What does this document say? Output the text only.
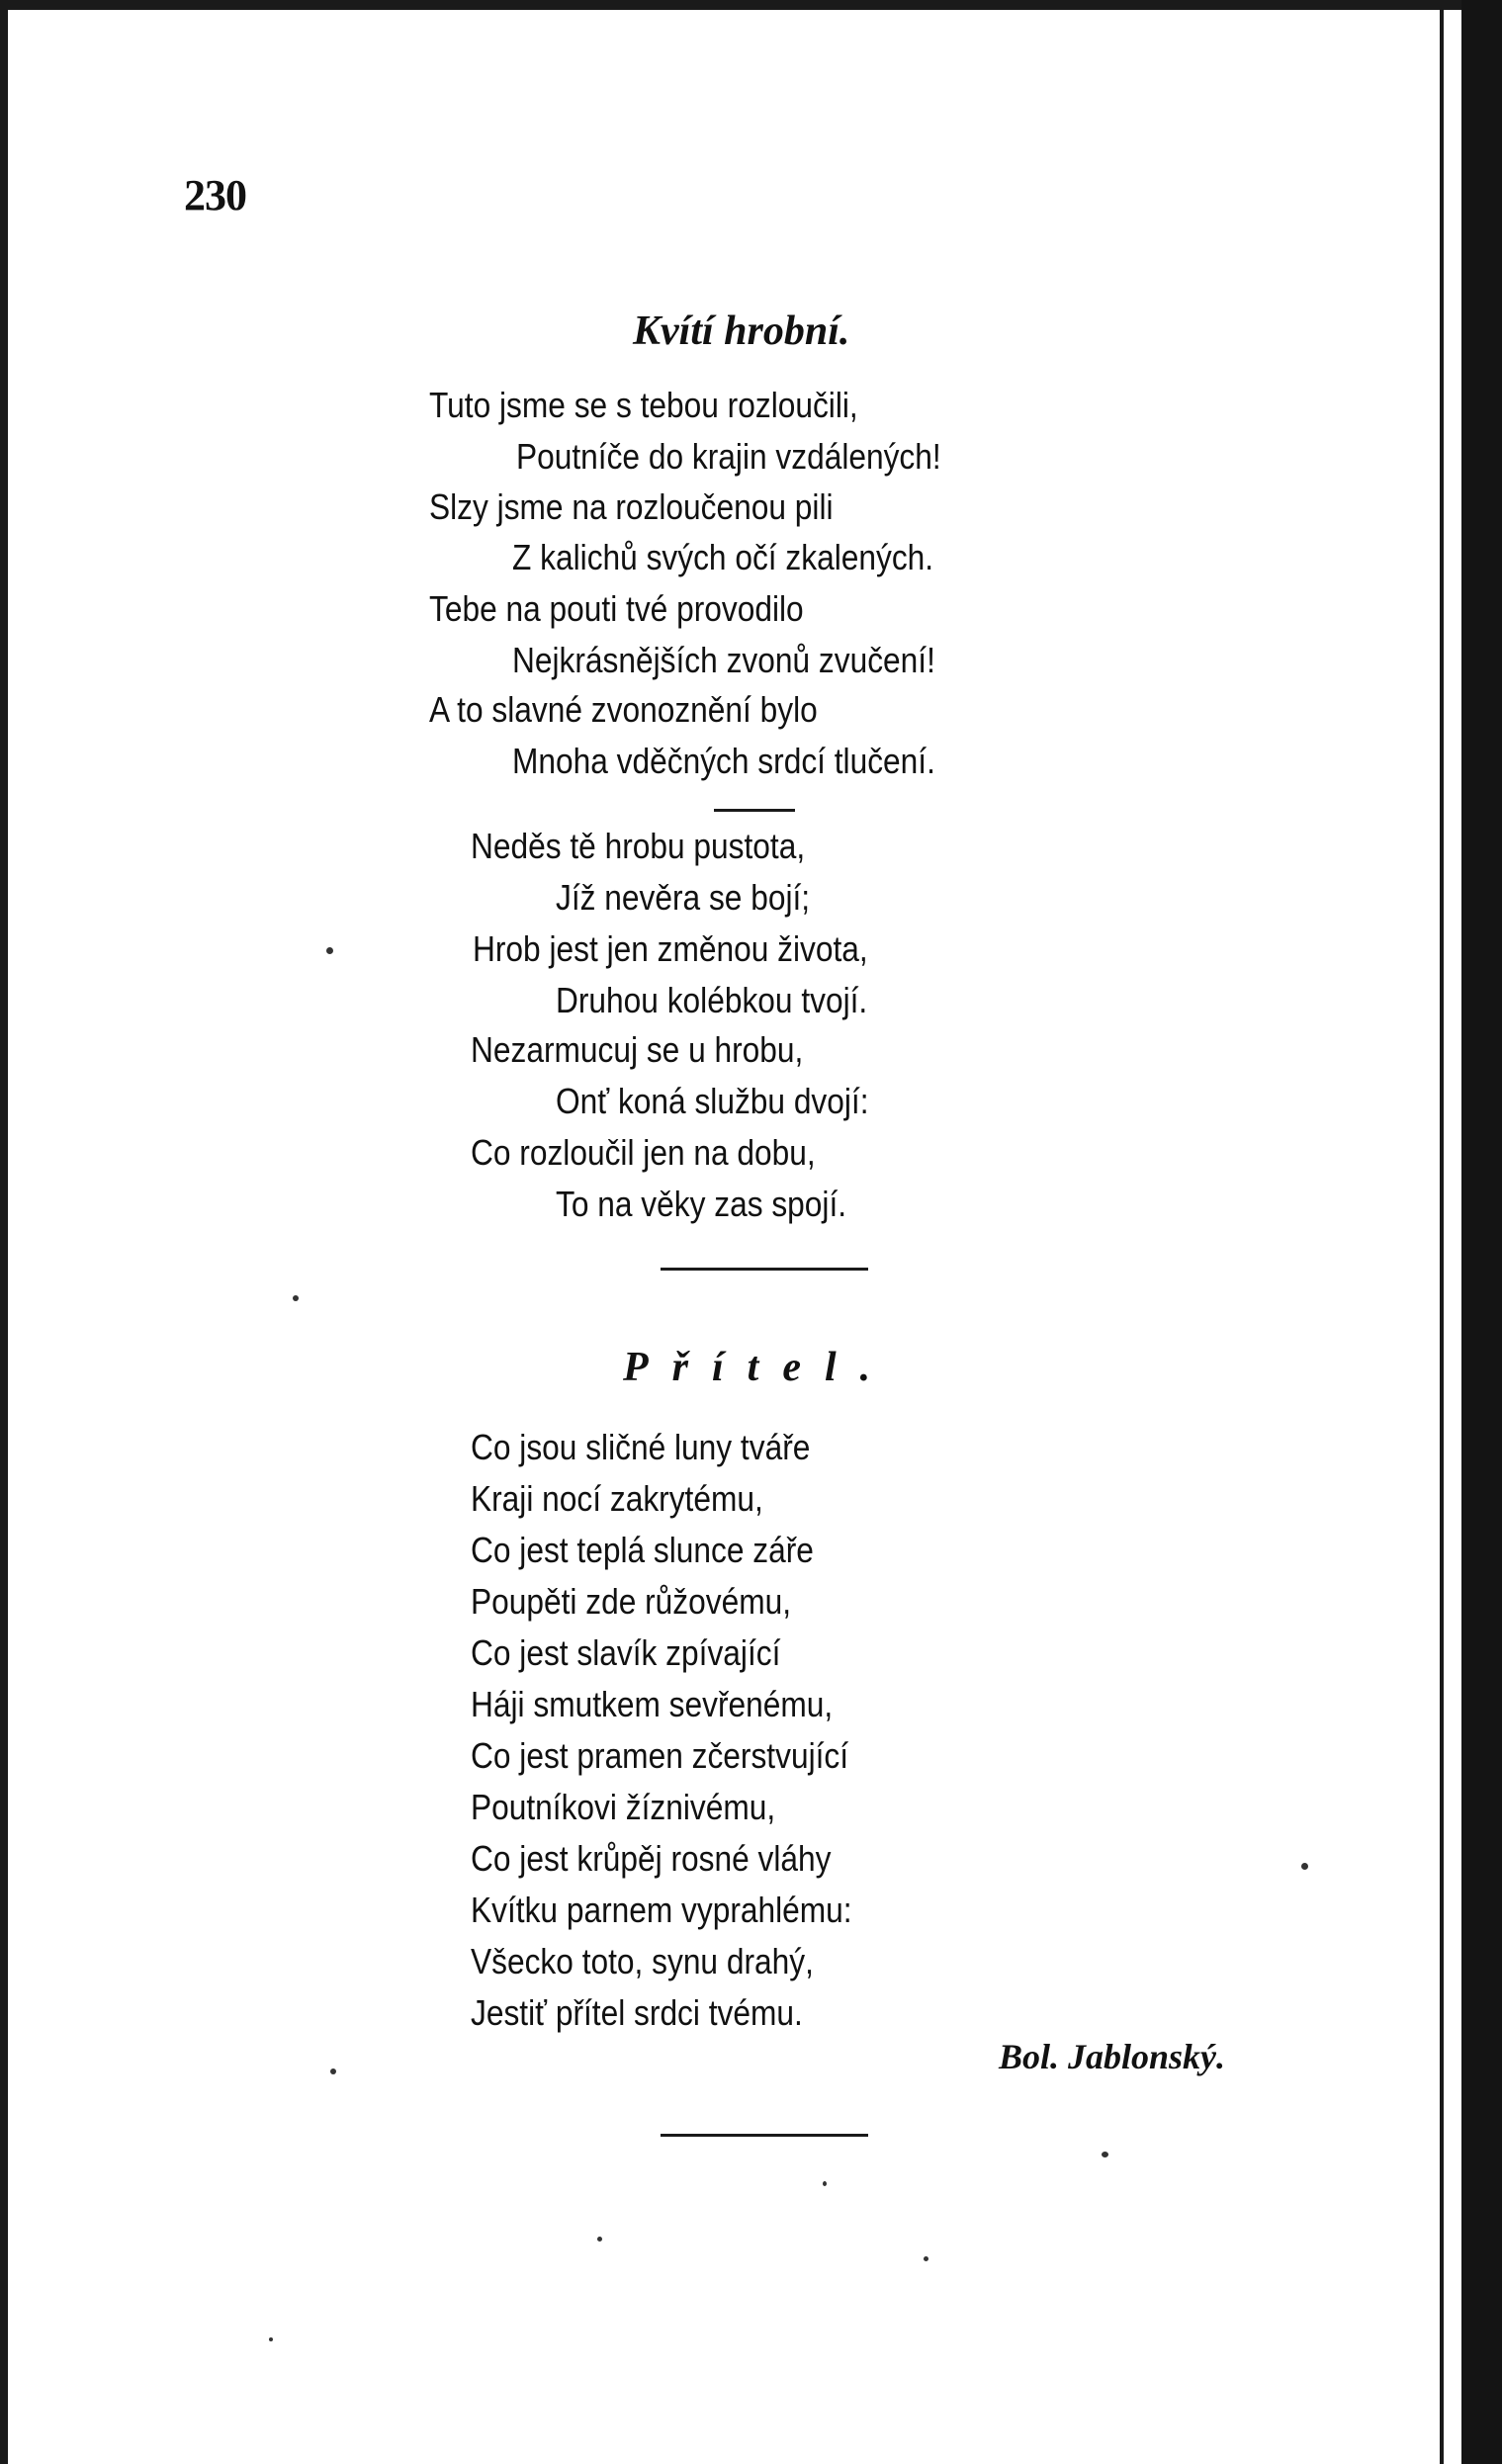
230
Kvítí hrobní.
Tuto jsme se s tebou rozloučili,
Poutníče do krajin vzdálených!
Slzy jsme na rozloučenou pili
Z kalichů svých očí zkalených.
Tebe na pouti tvé provodilo
Nejkrásnějších zvonů zvučení!
A to slavné zvonoznění bylo
Mnoha vděčných srdcí tlučení.
Neděs tě hrobu pustota,
Jíž nevěra se bojí;
Hrob jest jen změnou života,
Druhou kolébkou tvojí.
Nezarmucuj se u hrobu,
Onť koná službu dvojí:
Co rozloučil jen na dobu,
To na věky zas spojí.
Přítel.
Co jsou sličné luny tváře
Kraji nocí zakrytému,
Co jest teplá slunce záře
Poupěti zde růžovému,
Co jest slavík zpívající
Háji smutkem sevřenému,
Co jest pramen zčerstvující
Poutníkovi žíznivému,
Co jest krůpěj rosné vláhy
Kvítku parnem vyprahlému:
Všecko toto, synu drahý,
Jestiť přítel srdci tvému.
Bol. Jablonský.
